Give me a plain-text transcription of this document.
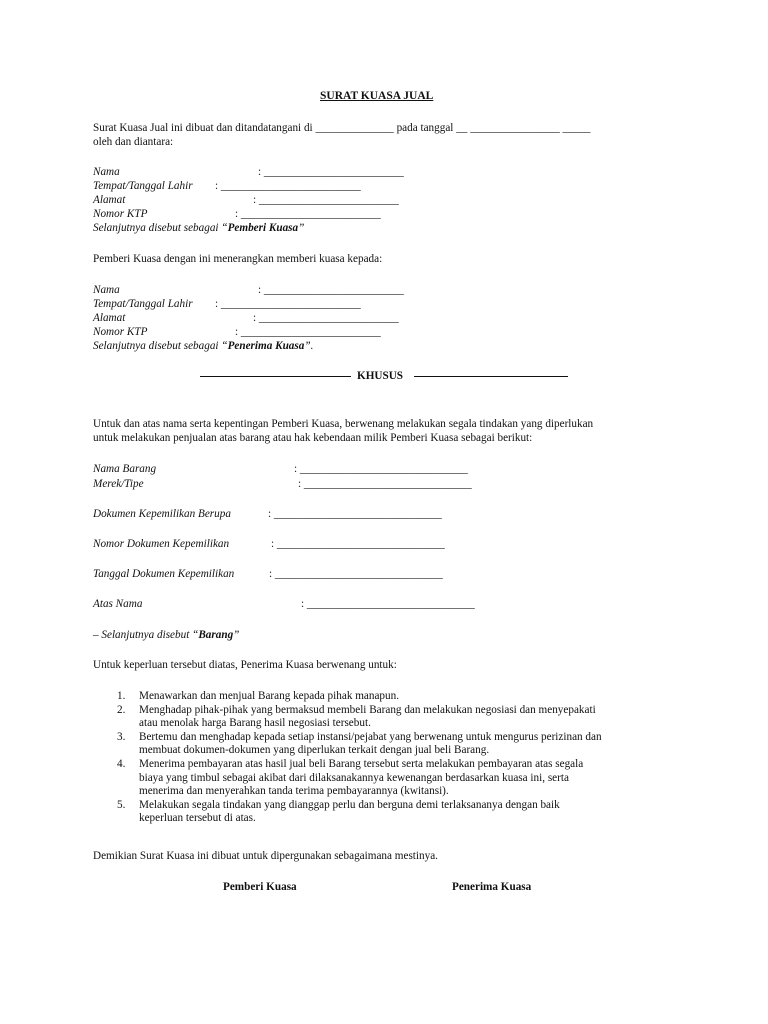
SURAT KUASA JUAL
Surat Kuasa Jual ini dibuat dan ditandatangani di ______________ pada tanggal __ ________________ _____
oleh dan diantara:
Nama	: _________________________
Tempat/Tanggal Lahir : _________________________
Alamat	: _________________________
Nomor KTP	: _________________________
Selanjutnya disebut sebagai “Pemberi Kuasa”
Pemberi Kuasa dengan ini menerangkan memberi kuasa kepada:
Nama	: _________________________
Tempat/Tanggal Lahir : _________________________
Alamat	: _________________________
Nomor KTP	: _________________________
Selanjutnya disebut sebagai “Penerima Kuasa”.
KHUSUS
Untuk dan atas nama serta kepentingan Pemberi Kuasa, berwenang melakukan segala tindakan yang diperlukan
untuk melakukan penjualan atas barang atau hak kebendaan milik Pemberi Kuasa sebagai berikut:
Nama Barang	: ______________________________
Merek/Tipe	: ______________________________
Dokumen Kepemilikan Berupa	: ______________________________
Nomor Dokumen Kepemilikan	: ______________________________
Tanggal Dokumen Kepemilikan	: ______________________________
Atas Nama	: ______________________________
– Selanjutnya disebut “Barang”
Untuk keperluan tersebut diatas, Penerima Kuasa berwenang untuk:
1. Menawarkan dan menjual Barang kepada pihak manapun.
2. Menghadap pihak-pihak yang bermaksud membeli Barang dan melakukan negosiasi dan menyepakati
atau menolak harga Barang hasil negosiasi tersebut.
3. Bertemu dan menghadap kepada setiap instansi/pejabat yang berwenang untuk mengurus perizinan dan
membuat dokumen-dokumen yang diperlukan terkait dengan jual beli Barang.
4. Menerima pembayaran atas hasil jual beli Barang tersebut serta melakukan pembayaran atas segala
biaya yang timbul sebagai akibat dari dilaksanakannya kewenangan berdasarkan kuasa ini, serta
menerima dan menyerahkan tanda terima pembayarannya (kwitansi).
5. Melakukan segala tindakan yang dianggap perlu dan berguna demi terlaksananya dengan baik
keperluan tersebut di atas.
Demikian Surat Kuasa ini dibuat untuk dipergunakan sebagaimana mestinya.
Pemberi Kuasa	Penerima Kuasa
